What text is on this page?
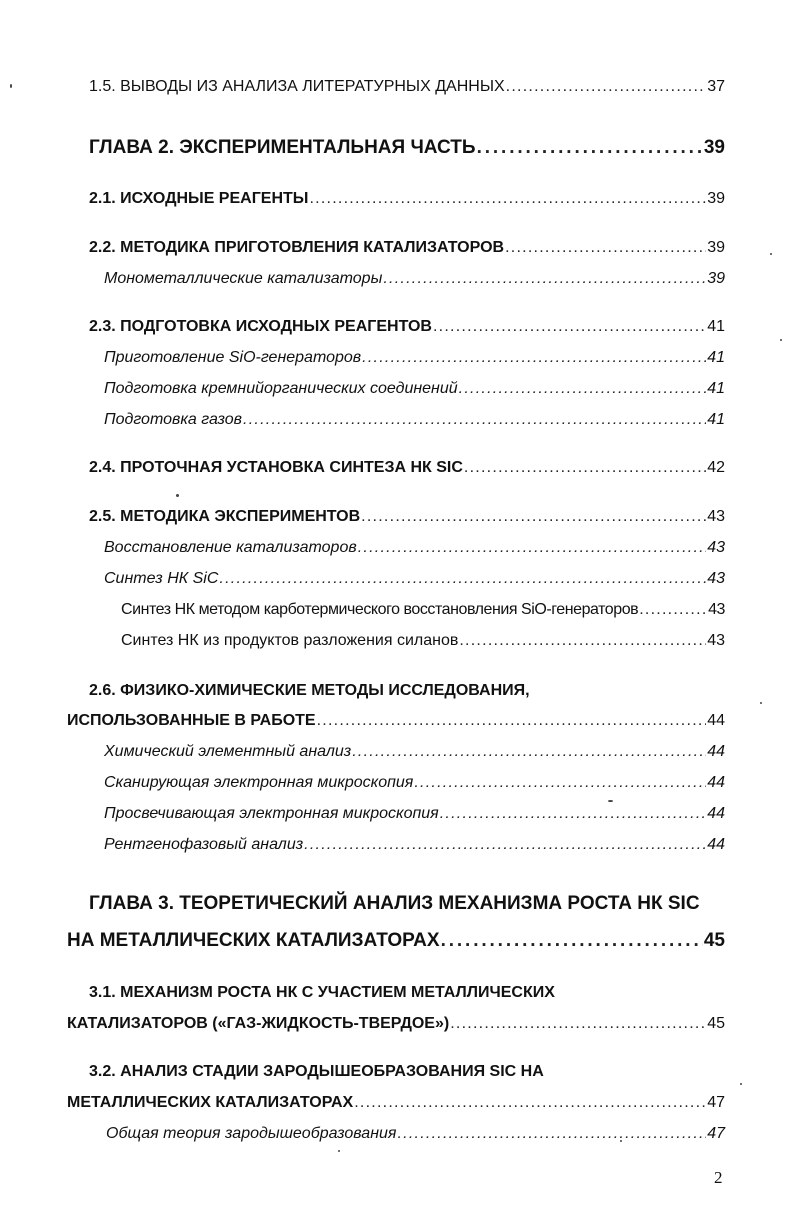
1.5. ВЫВОДЫ ИЗ АНАЛИЗА ЛИТЕРАТУРНЫХ ДАННЫХ . . .	37
ГЛАВА 2. ЭКСПЕРИМЕНТАЛЬНАЯ ЧАСТЬ . . .	39
2.1. ИСХОДНЫЕ РЕАГЕНТЫ . . .	39
2.2. МЕТОДИКА ПРИГОТОВЛЕНИЯ КАТАЛИЗАТОРОВ . . .	39
Монометаллические катализаторы . . .	39
2.3. ПОДГОТОВКА ИСХОДНЫХ РЕАГЕНТОВ . . .	41
Приготовление SiO-генераторов . . .	41
Подготовка кремнийорганических соединений . . .	41
Подготовка газов . . .	41
2.4. ПРОТОЧНАЯ УСТАНОВКА СИНТЕЗА НК SIC . . .	42
2.5. МЕТОДИКА ЭКСПЕРИМЕНТОВ . . .	43
Восстановление катализаторов . . .	43
Синтез НК SiC . . .	43
Синтез НК методом карботермического восстановления SiO-генераторов . . .	43
Синтез НК из продуктов разложения силанов . . .	43
2.6. ФИЗИКО-ХИМИЧЕСКИЕ МЕТОДЫ ИССЛЕДОВАНИЯ,
ИСПОЛЬЗОВАННЫЕ В РАБОТЕ . . .	44
Химический элементный анализ . . .	44
Сканирующая электронная микроскопия . . .	44
Просвечивающая электронная микроскопия . . .	44
Рентгенофазовый анализ . . .	44
ГЛАВА 3. ТЕОРЕТИЧЕСКИЙ АНАЛИЗ МЕХАНИЗМА РОСТА НК SIC
НА МЕТАЛЛИЧЕСКИХ КАТАЛИЗАТОРАХ . . .	45
3.1. МЕХАНИЗМ РОСТА НК С УЧАСТИЕМ МЕТАЛЛИЧЕСКИХ
КАТАЛИЗАТОРОВ («ГАЗ-ЖИДКОСТЬ-ТВЕРДОЕ») . . .	45
3.2. АНАЛИЗ СТАДИИ ЗАРОДЫШЕОБРАЗОВАНИЯ SIC НА
МЕТАЛЛИЧЕСКИХ КАТАЛИЗАТОРАХ . . .	47
Общая теория зародышеобразования . . .	47
2
